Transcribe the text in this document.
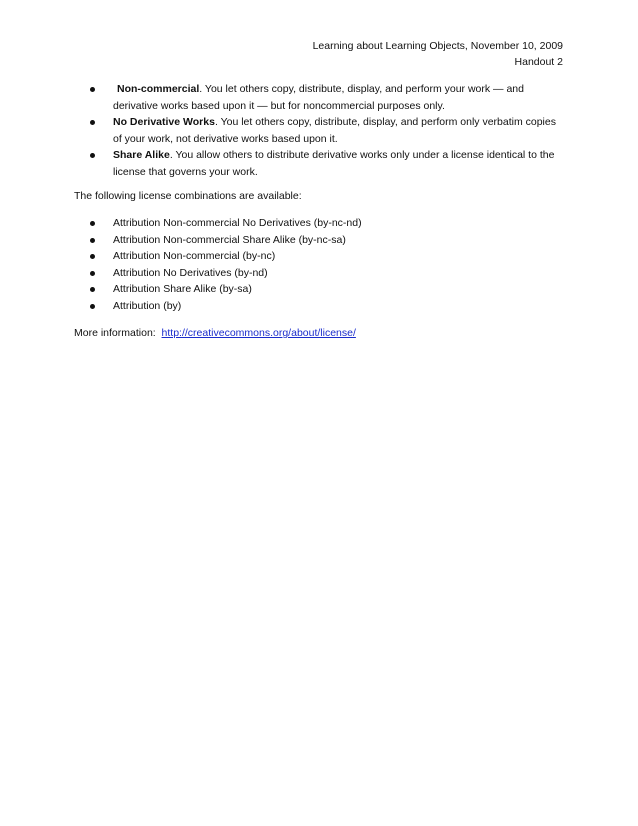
Learning about Learning Objects, November 10, 2009
Handout 2
Non-commercial. You let others copy, distribute, display, and perform your work — and derivative works based upon it — but for noncommercial purposes only.
No Derivative Works. You let others copy, distribute, display, and perform only verbatim copies of your work, not derivative works based upon it.
Share Alike. You allow others to distribute derivative works only under a license identical to the license that governs your work.
The following license combinations are available:
Attribution Non-commercial No Derivatives (by-nc-nd)
Attribution Non-commercial Share Alike (by-nc-sa)
Attribution Non-commercial (by-nc)
Attribution No Derivatives (by-nd)
Attribution Share Alike (by-sa)
Attribution (by)
More information: http://creativecommons.org/about/license/
